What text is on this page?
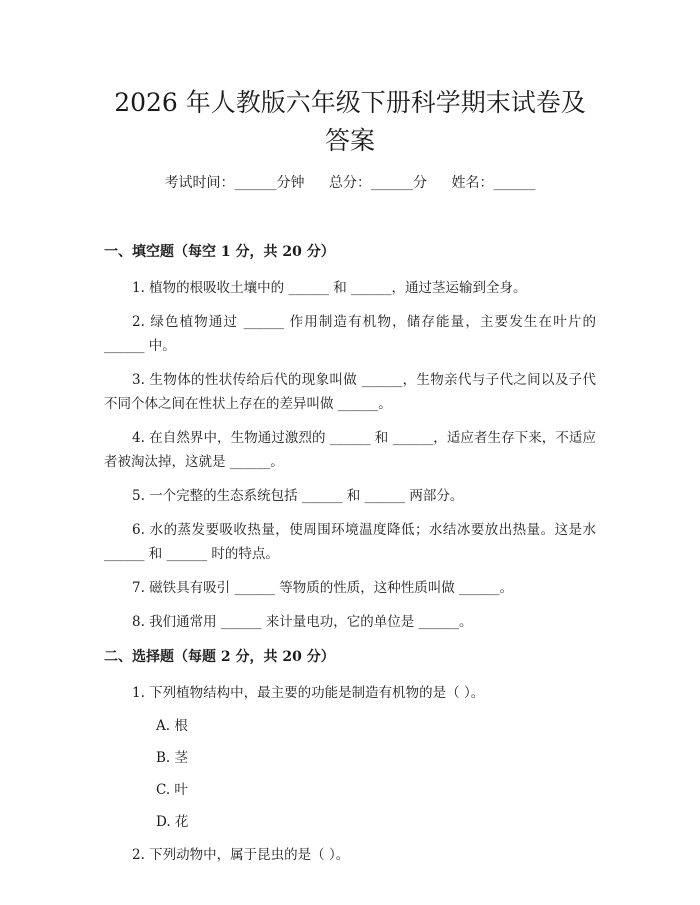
2026 年人教版六年级下册科学期末试卷及答案
考试时间：______分钟 总分：______分 姓名：______

一、填空题（每空 1 分，共 20 分）

1. 植物的根吸收土壤中的 ______ 和 ______，通过茎运输到全身。

2. 绿色植物通过 ______ 作用制造有机物，储存能量，主要发生在叶片的 ______ 中。

3. 生物体的性状传给后代的现象叫做 ______，生物亲代与子代之间以及子代不同个体之间在性状上存在的差异叫做 ______。

4. 在自然界中，生物通过激烈的 ______ 和 ______，适应者生存下来，不适应者被淘汰掉，这就是 ______。

5. 一个完整的生态系统包括 ______ 和 ______ 两部分。

6. 水的蒸发要吸收热量，使周围环境温度降低；水结冰要放出热量。这是水 ______ 和 ______ 时的特点。

7. 磁铁具有吸引 ______ 等物质的性质，这种性质叫做 ______。

8. 我们通常用 ______ 来计量电功，它的单位是 ______。

二、选择题（每题 2 分，共 20 分）

1. 下列植物结构中，最主要的功能是制造有机物的是（ ）。

A. 根

B. 茎

C. 叶

D. 花

2. 下列动物中，属于昆虫的是（ ）。
